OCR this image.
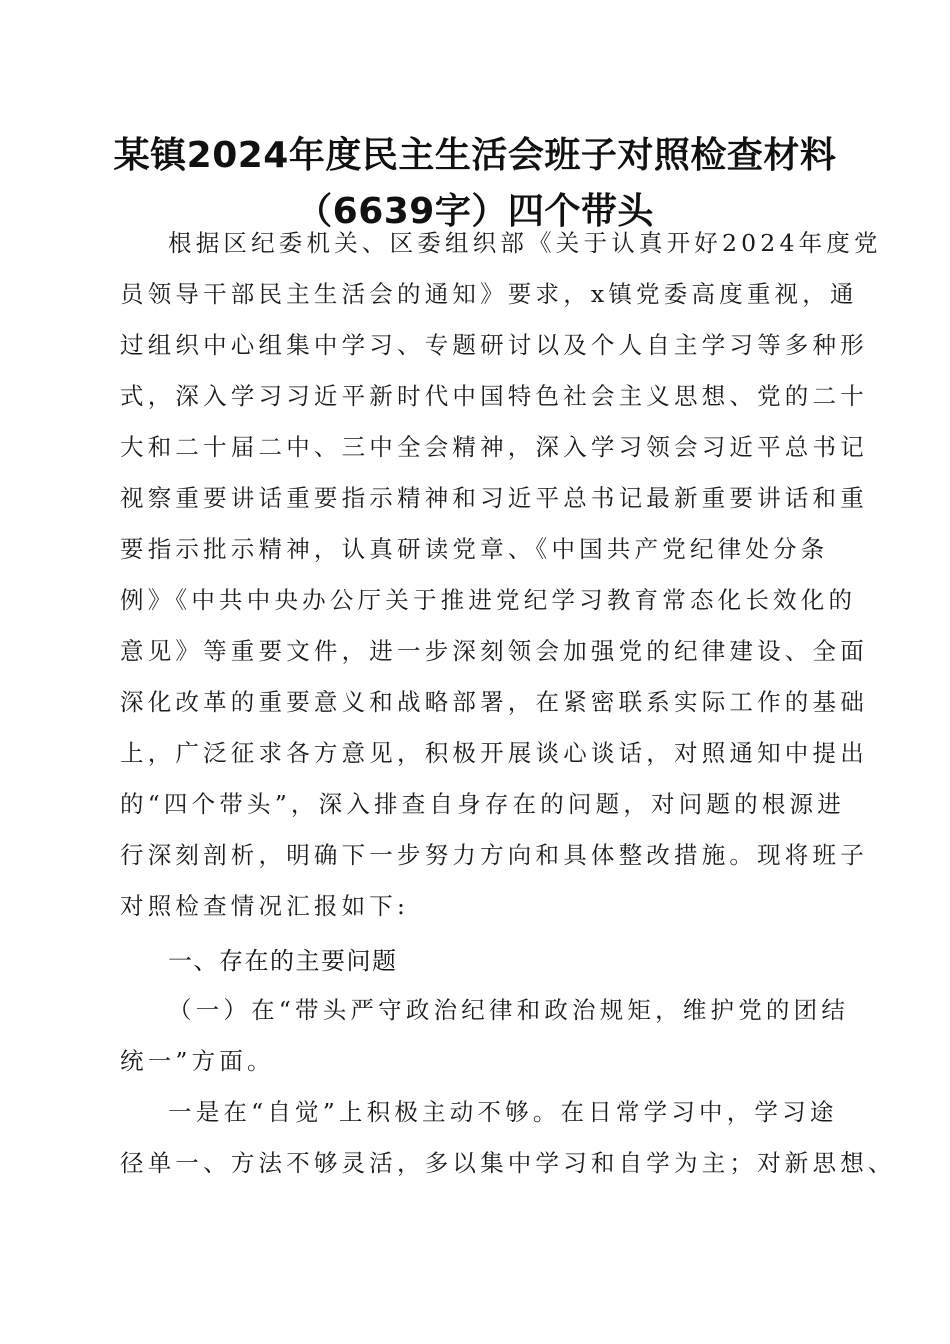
某镇2024年度民主生活会班子对照检查材料
（6639字）四个带头
根据区纪委机关、区委组织部《关于认真开好2024年度党
员领导干部民主生活会的通知》要求，x镇党委高度重视，通
过组织中心组集中学习、专题研讨以及个人自主学习等多种形
式，深入学习习近平新时代中国特色社会主义思想、党的二十
大和二十届二中、三中全会精神，深入学习领会习近平总书记
视察重要讲话重要指示精神和习近平总书记最新重要讲话和重
要指示批示精神，认真研读党章、《中国共产党纪律处分条
例》《中共中央办公厅关于推进党纪学习教育常态化长效化的
意见》等重要文件，进一步深刻领会加强党的纪律建设、全面
深化改革的重要意义和战略部署，在紧密联系实际工作的基础
上，广泛征求各方意见，积极开展谈心谈话，对照通知中提出
的“四个带头”，深入排查自身存在的问题，对问题的根源进
行深刻剖析，明确下一步努力方向和具体整改措施。现将班子
对照检查情况汇报如下:
一、存在的主要问题
（一）在“带头严守政治纪律和政治规矩，维护党的团结
统一”方面。
一是在“自觉”上积极主动不够。在日常学习中，学习途
径单一、方法不够灵活，多以集中学习和自学为主；对新思想、
